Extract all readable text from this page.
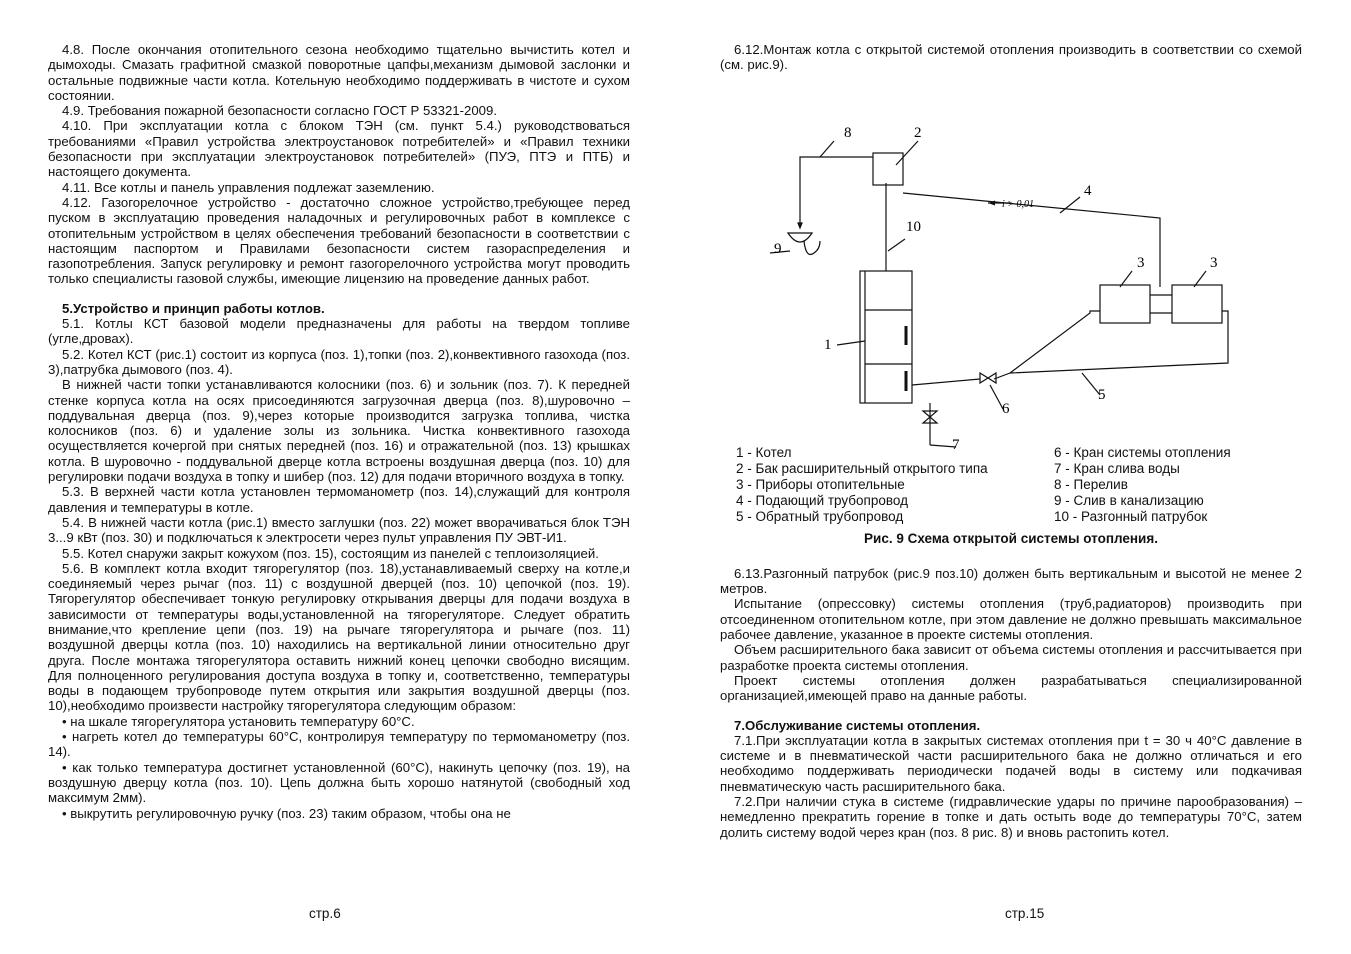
4.8. После окончания отопительного сезона необходимо тщательно вычистить котел и дымоходы. Смазать графитной смазкой поворотные цапфы,механизм дымовой заслонки и остальные подвижные части котла. Котельную необходимо поддерживать в чистоте и сухом состоянии.

4.9. Требования пожарной безопасности согласно ГОСТ Р 53321-2009.

4.10. При эксплуатации котла с блоком ТЭН (см. пункт 5.4.) руководствоваться требованиями «Правил устройства электроустановок потребителей» и «Правил техники безопасности при эксплуатации электроустановок потребителей» (ПУЭ, ПТЭ и ПТБ) и настоящего документа.

4.11. Все котлы и панель управления подлежат заземлению.

4.12. Газогорелочное устройство - достаточно сложное устройство,требующее перед пуском в эксплуатацию проведения наладочных и регулировочных работ в комплексе с отопительным устройством в целях обеспечения требований безопасности в соответствии с настоящим паспортом и Правилами безопасности систем газораспределения и газопотребления. Запуск регулировку и ремонт газогорелочного устройства могут проводить только специалисты газовой службы, имеющие лицензию на проведение данных работ.

5.Устройство и принцип работы котлов.

5.1. Котлы КСТ базовой модели предназначены для работы на твердом топливе (угле,дровах).

5.2. Котел КСТ (рис.1) состоит из корпуса (поз. 1),топки (поз. 2),конвективного газохода (поз. 3),патрубка дымового (поз. 4).

В нижней части топки устанавливаются колосники (поз. 6) и зольник (поз. 7). К передней стенке корпуса котла на осях присоединяются загрузочная дверца (поз. 8),шуровочно – поддувальная дверца (поз. 9),через которые производится загрузка топлива, чистка колосников (поз. 6) и удаление золы из зольника. Чистка конвективного газохода осуществляется кочергой при снятых передней (поз. 16) и отражательной (поз. 13) крышках котла. В шуровочно - поддувальной дверце котла встроены воздушная дверца (поз. 10) для регулировки подачи воздуха в топку и шибер (поз. 12) для подачи вторичного воздуха в топку.

5.3. В верхней части котла установлен термоманометр (поз. 14),служащий для контроля давления и температуры в котле.

5.4. В нижней части котла (рис.1) вместо заглушки (поз. 22) может вворачиваться блок ТЭН 3...9 кВт (поз. 30) и подключаться к электросети через пульт управления ПУ ЭВТ-И1.

5.5. Котел снаружи закрыт кожухом (поз. 15), состоящим из панелей с теплоизоляцией.

5.6. В комплект котла входит тягорегулятор (поз. 18),устанавливаемый сверху на котле,и соединяемый через рычаг (поз. 11) с воздушной дверцей (поз. 10) цепочкой (поз. 19). Тягорегулятор обеспечивает тонкую регулировку открывания дверцы для подачи воздуха в зависимости от температуры воды,установленной на тягорегуляторе. Следует обратить внимание,что крепление цепи (поз. 19) на рычаге тягорегулятора и рычаге (поз. 11) воздушной дверцы котла (поз. 10) находились на вертикальной линии относительно друг друга. После монтажа тягорегулятора оставить нижний конец цепочки свободно висящим. Для полноценного регулирования доступа воздуха в топку и, соответственно, температуры воды в подающем трубопроводе путем открытия или закрытия воздушной дверцы (поз. 10),необходимо произвести настройку тягорегулятора следующим образом:

• на шкале тягорегулятора установить температуру 60°С.

• нагреть котел до температуры 60°С, контролируя температуру по термоманометру (поз. 14).

• как только температура достигнет установленной (60°С), накинуть цепочку (поз. 19), на воздушную дверцу котла (поз. 10). Цепь должна быть хорошо натянутой (свободный ход максимум 2мм).

• выкрутить регулировочную ручку (поз. 23) таким образом, чтобы она не

стр.6

6.12.Монтаж котла с открытой системой отопления производить в соответствии со схемой (см. рис.9).

8	2
10
4
3	3
1
5
6
7
9
i > 0,01
1 - Котел
2 - Бак расширительный открытого типа
3 - Приборы отопительные
4 - Подающий трубопровод
5 - Обратный трубопровод
6 - Кран системы отопления
7 - Кран слива воды
8 - Перелив
9 - Слив в канализацию
10 - Разгонный патрубок
Рис. 9 Схема открытой системы отопления.

6.13.Разгонный патрубок (рис.9 поз.10) должен быть вертикальным и высотой не менее 2 метров.

Испытание (опрессовку) системы отопления (труб,радиаторов) производить при отсоединенном отопительном котле, при этом давление не должно превышать максимальное рабочее давление, указанное в проекте системы отопления.

Объем расширительного бака зависит от объема системы отопления и рассчитывается при разработке проекта системы отопления.

Проект системы отопления должен разрабатываться специализированной организацией,имеющей право на данные работы.

7.Обслуживание системы отопления.

7.1.При эксплуатации котла в закрытых системах отопления при t = 30 ч 40°С давление в системе и в пневматической части расширительного бака не должно отличаться и его необходимо поддерживать периодически подачей воды в систему или подкачивая пневматическую часть расширительного бака.

7.2.При наличии стука в системе (гидравлические удары по причине парообразования) – немедленно прекратить горение в топке и дать остыть воде до температуры 70°С, затем долить систему водой через кран (поз. 8 рис. 8) и вновь растопить котел.

стр.15
